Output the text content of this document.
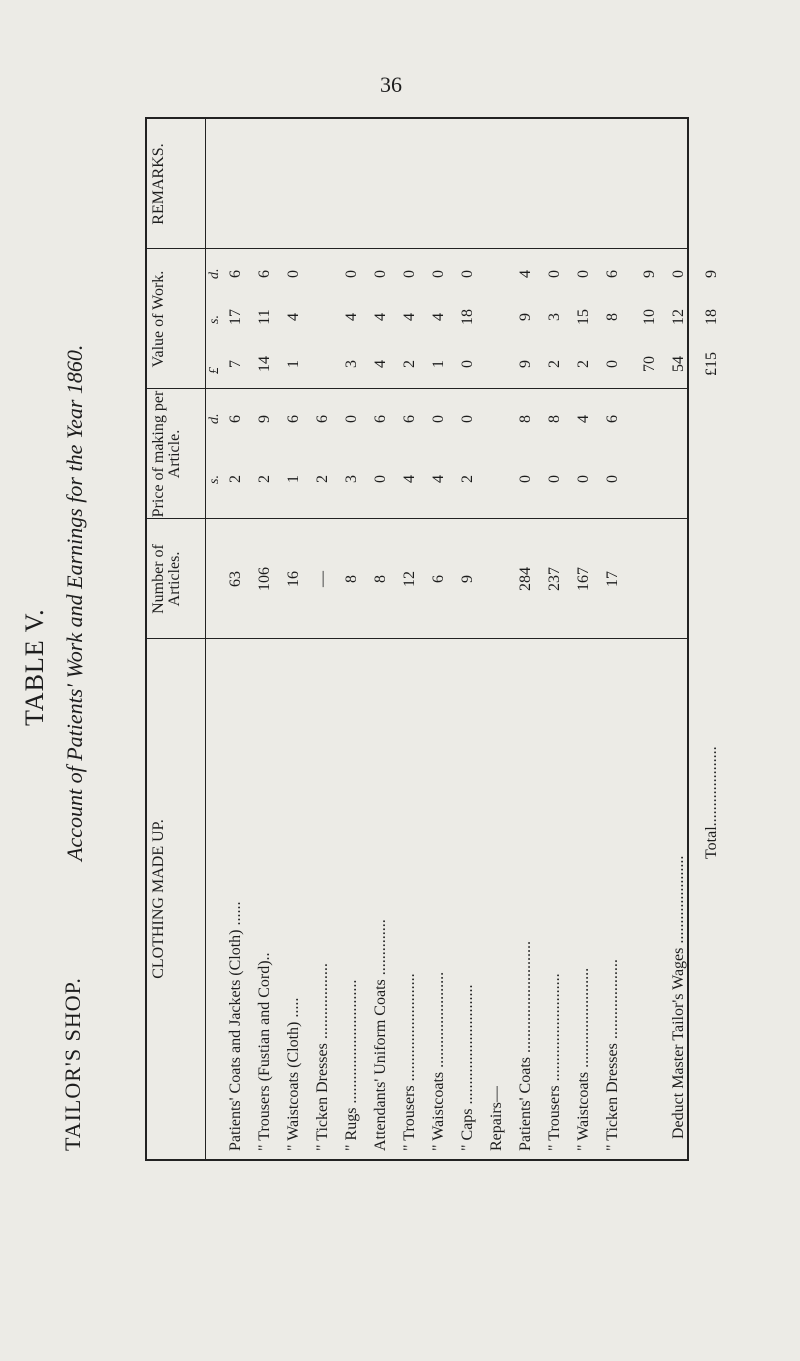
36
TABLE V.
TAILOR'S SHOP.
Account of Patients' Work and Earnings for the Year 1860.
CLOTHING MADE UP.
Number of Articles.
Price of making per Article.
Value of Work.
REMARKS.
s.
d.
£
s.
d.
Patients' Coats and Jackets (Cloth) ......
63
2
6
7
17
6
" Trousers (Fustian and Cord)..
106
2
9
14
11
6
" Waistcoats (Cloth) .....
16
1
6
1
4
0
" Ticken Dresses ...................
—
2
6
" Rugs ...............................
8
3
0
3
4
0
Attendants' Uniform Coats ..............
8
0
6
4
4
0
" Trousers ...........................
12
4
6
2
4
0
" Waistcoats ........................
6
4
0
1
4
0
" Caps ..............................
9
2
0
0
18
0
Repairs— Patients' Coats ............................
284
0
8
9
9
4
" Trousers ...........................
237
0
8
2
3
0
" Waistcoats .........................
167
0
4
2
15
0
" Ticken Dresses ....................
17
0
6
0
8
6
70
10
9
Deduct Master Tailor's Wages ......................
54
12
0
Total....................
£15
18
9
